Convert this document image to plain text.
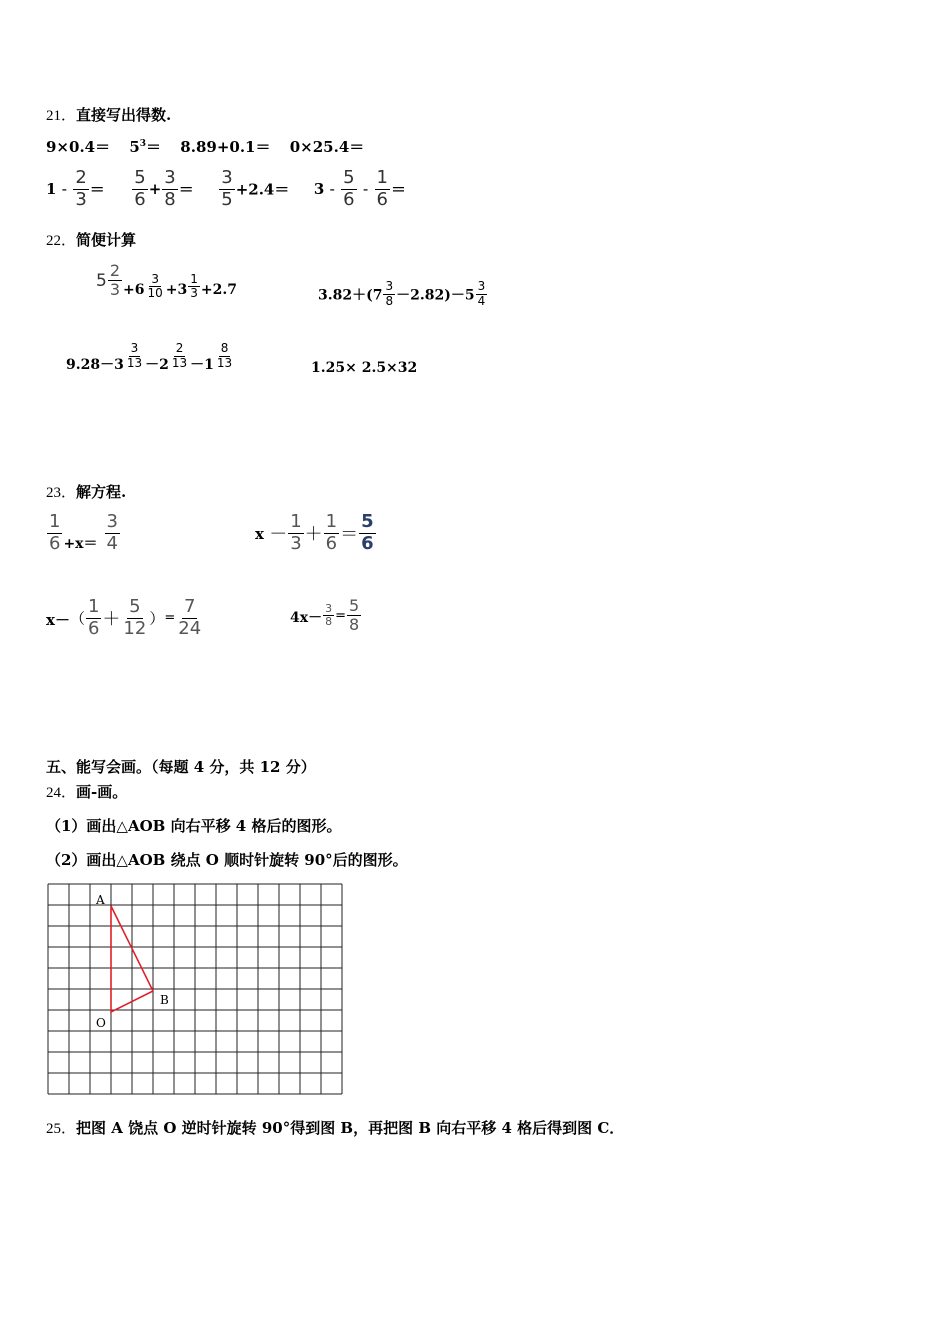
21．直接写出得数.
$9\times 0.4= 5^3= 8.89+0.1= 0\times 25.4=$
$1 - \frac{2}{3} = \frac{5}{6} + \frac{3}{8} = \frac{3}{5} +2.4= 3 - \frac{5}{6} - \frac{1}{6}$ ＝
22．简便计算
$5 \frac{2}{3} +6 \frac{3}{10} +3 \frac{1}{3} +2.7$	$3.82+(7 \frac{3}{8} -2.82)-5 \frac{3}{4}$
$9.28-3 \frac{3}{13} -2 \frac{2}{13} -1 \frac{8}{13}$	1.25× 2.5×32
23．解方程.
$\frac{1}{6} +x= \frac{3}{4}$	$x - \frac{1}{3} + \frac{1}{6} = \frac{5}{6}$
$x-( \frac{1}{6} + \frac{5}{12}$ ）= $\frac{7}{24}$	$4x- \frac{3}{8} = \frac{5}{8}$
五、能写会画。（每题 4 分，共 12 分）
24．画-画。
（1）画出△AOB 向右平移 4 格后的图形。
（2）画出△AOB 绕点 O 顺时针旋转 90°后的图形。
A
B
O
25．把图 A 饶点 O 逆时针旋转 90°得到图 B，再把图 B 向右平移 4 格后得到图 C．
